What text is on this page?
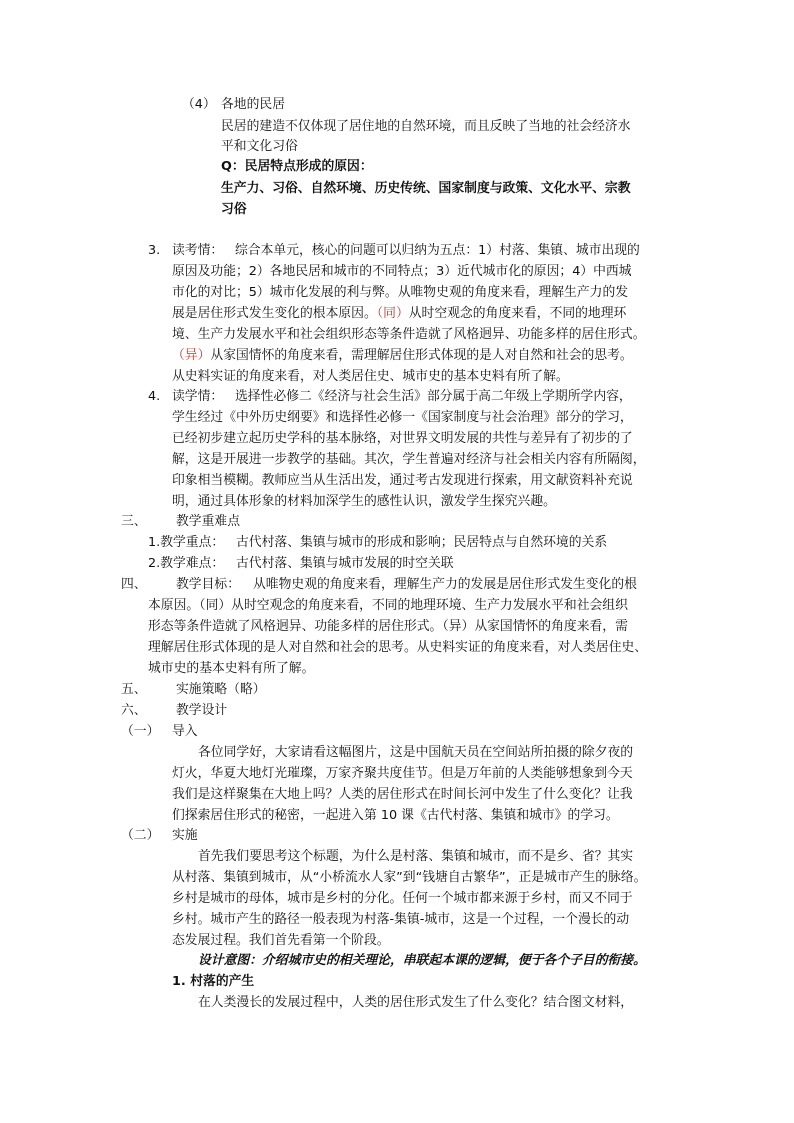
（4） 各地的民居
民居的建造不仅体现了居住地的自然环境，而且反映了当地的社会经济水
平和文化习俗
Q：民居特点形成的原因：
生产力、习俗、自然环境、历史传统、国家制度与政策、文化水平、宗教
习俗
3. 读考情： 综合本单元，核心的问题可以归纳为五点：1）村落、集镇、城市出现的
原因及功能；2）各地民居和城市的不同特点；3）近代城市化的原因；4）中西城
市化的对比；5）城市化发展的利与弊。从唯物史观的角度来看，理解生产力的发
展是居住形式发生变化的根本原因。（同）从时空观念的角度来看，不同的地理环
境、生产力发展水平和社会组织形态等条件造就了风格迥异、功能多样的居住形式。
（异）从家国情怀的角度来看，需理解居住形式体现的是人对自然和社会的思考。
从史料实证的角度来看，对人类居住史、城市史的基本史料有所了解。
4. 读学情： 选择性必修二《经济与社会生活》部分属于高二年级上学期所学内容，
学生经过《中外历史纲要》和选择性必修一《国家制度与社会治理》部分的学习，
已经初步建立起历史学科的基本脉络，对世界文明发展的共性与差异有了初步的了
解，这是开展进一步教学的基础。其次，学生普遍对经济与社会相关内容有所隔阂，
印象相当模糊。教师应当从生活出发，通过考古发现进行探索，用文献资料补充说
明，通过具体形象的材料加深学生的感性认识，激发学生探究兴趣。
三、 教学重难点
1.教学重点： 古代村落、集镇与城市的形成和影响；民居特点与自然环境的关系
2.教学难点： 古代村落、集镇与城市发展的时空关联
四、 教学目标： 从唯物史观的角度来看，理解生产力的发展是居住形式发生变化的根
本原因。（同）从时空观念的角度来看，不同的地理环境、生产力发展水平和社会组织
形态等条件造就了风格迥异、功能多样的居住形式。（异）从家国情怀的角度来看，需
理解居住形式体现的是人对自然和社会的思考。从史料实证的角度来看，对人类居住史、
城市史的基本史料有所了解。
五、 实施策略（略）
六、 教学设计
（一） 导入
各位同学好，大家请看这幅图片，这是中国航天员在空间站所拍摄的除夕夜的
灯火，华夏大地灯光璀璨，万家齐聚共度佳节。但是万年前的人类能够想象到今天
我们是这样聚集在大地上吗？人类的居住形式在时间长河中发生了什么变化？让我
们探索居住形式的秘密，一起进入第 10 课《古代村落、集镇和城市》的学习。
（二） 实施
首先我们要思考这个标题，为什么是村落、集镇和城市，而不是乡、省？其实
从村落、集镇到城市，从“小桥流水人家”到“钱塘自古繁华”，正是城市产生的脉络。
乡村是城市的母体，城市是乡村的分化。任何一个城市都来源于乡村，而又不同于
乡村。城市产生的路径一般表现为村落-集镇-城市，这是一个过程，一个漫长的动
态发展过程。我们首先看第一个阶段。
设计意图：介绍城市史的相关理论，串联起本课的逻辑，便于各个子目的衔接。
1. 村落的产生
在人类漫长的发展过程中，人类的居住形式发生了什么变化？结合图文材料，
